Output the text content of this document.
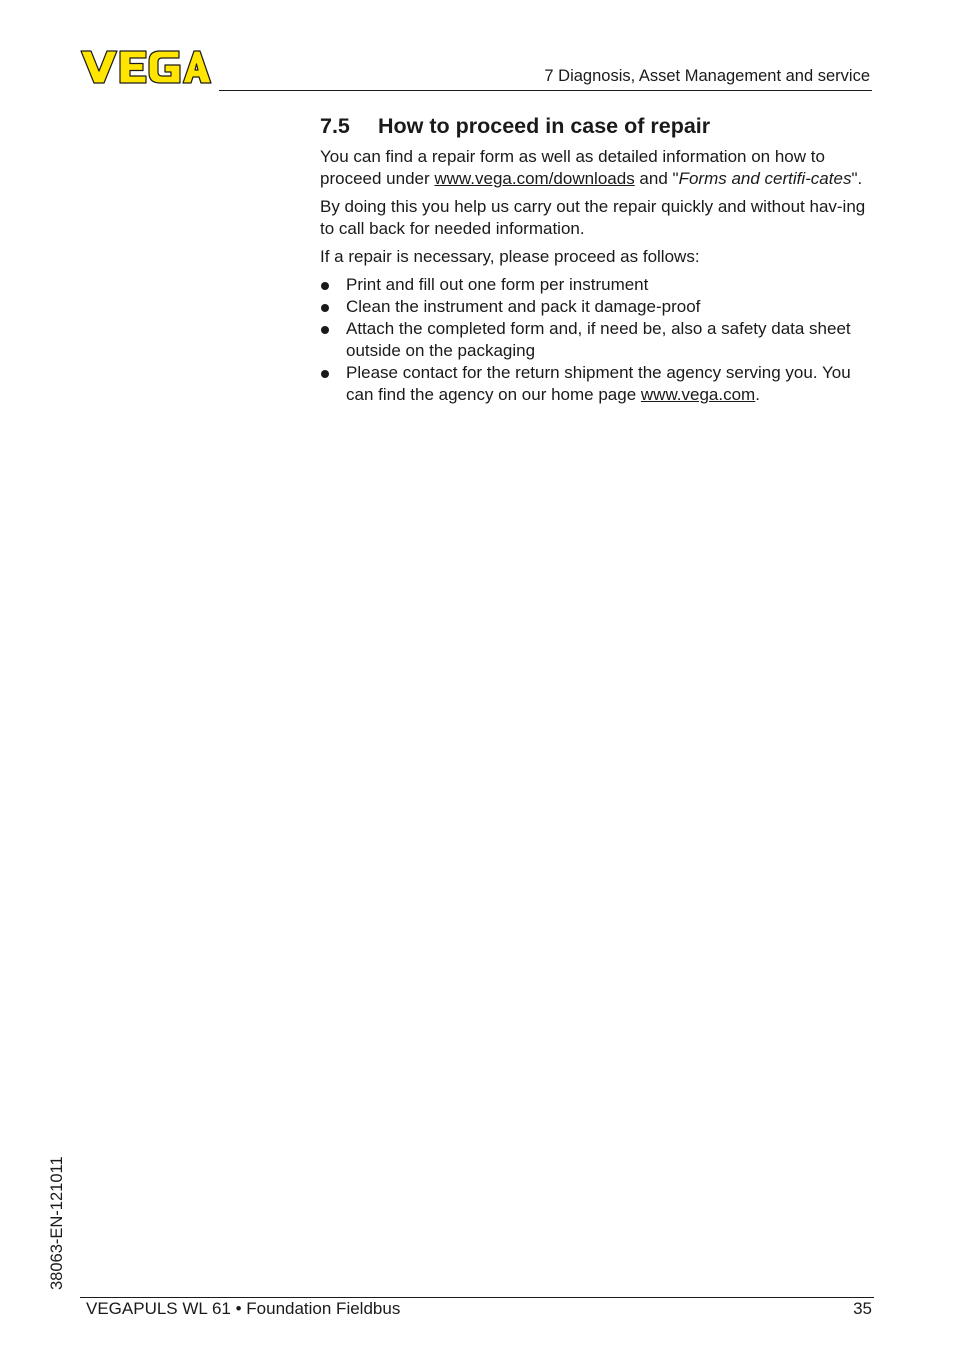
7 Diagnosis, Asset Management and service
7.5 How to proceed in case of repair

You can find a repair form as well as detailed information on how to proceed under www.vega.com/downloads and "Forms and certifi-cates".

By doing this you help us carry out the repair quickly and without hav-ing to call back for needed information.

If a repair is necessary, please proceed as follows:

Print and fill out one form per instrument
Clean the instrument and pack it damage-proof
Attach the completed form and, if need be, also a safety data sheet outside on the packaging
Please contact for the return shipment the agency serving you. You can find the agency on our home page www.vega.com.
38063-EN-121011
VEGAPULS WL 61 • Foundation Fieldbus	35
